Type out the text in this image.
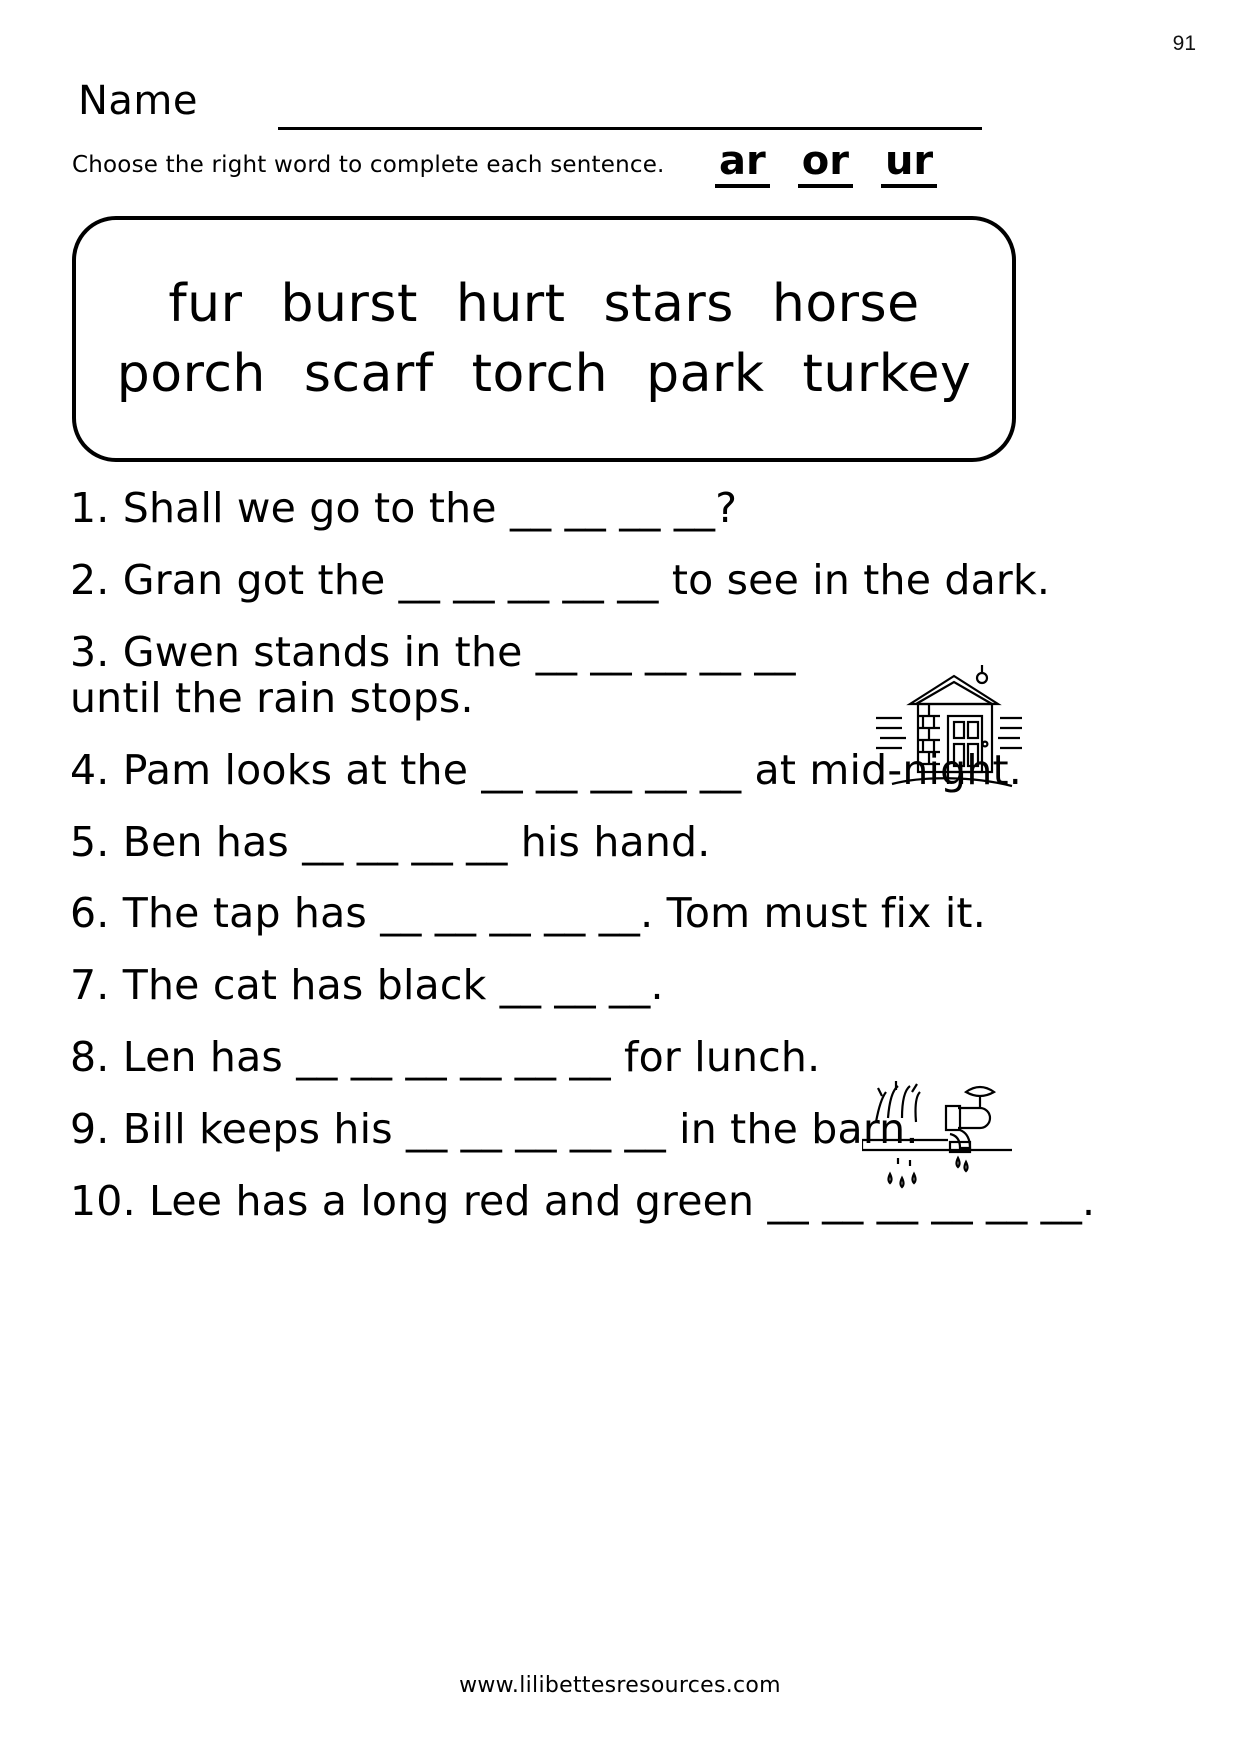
91
Name
Choose the right word to complete each sentence. ar or ur
fur burst hurt stars horse
porch scarf torch park turkey
1. Shall we go to the __ __ __ __?
2. Gran got the __ __ __ __ __ to see in the dark.
3. Gwen stands in the __ __ __ __ __ until the rain stops.
4. Pam looks at the __ __ __ __ __ at mid-night.
5. Ben has __ __ __ __ his hand.
6. The tap has __ __ __ __ __. Tom must fix it.
7. The cat has black __ __ __.
8. Len has __ __ __ __ __ __ for lunch.
9. Bill keeps his __ __ __ __ __ in the barn.
10. Lee has a long red and green __ __ __ __ __ __.
www.lilibettesresources.com
